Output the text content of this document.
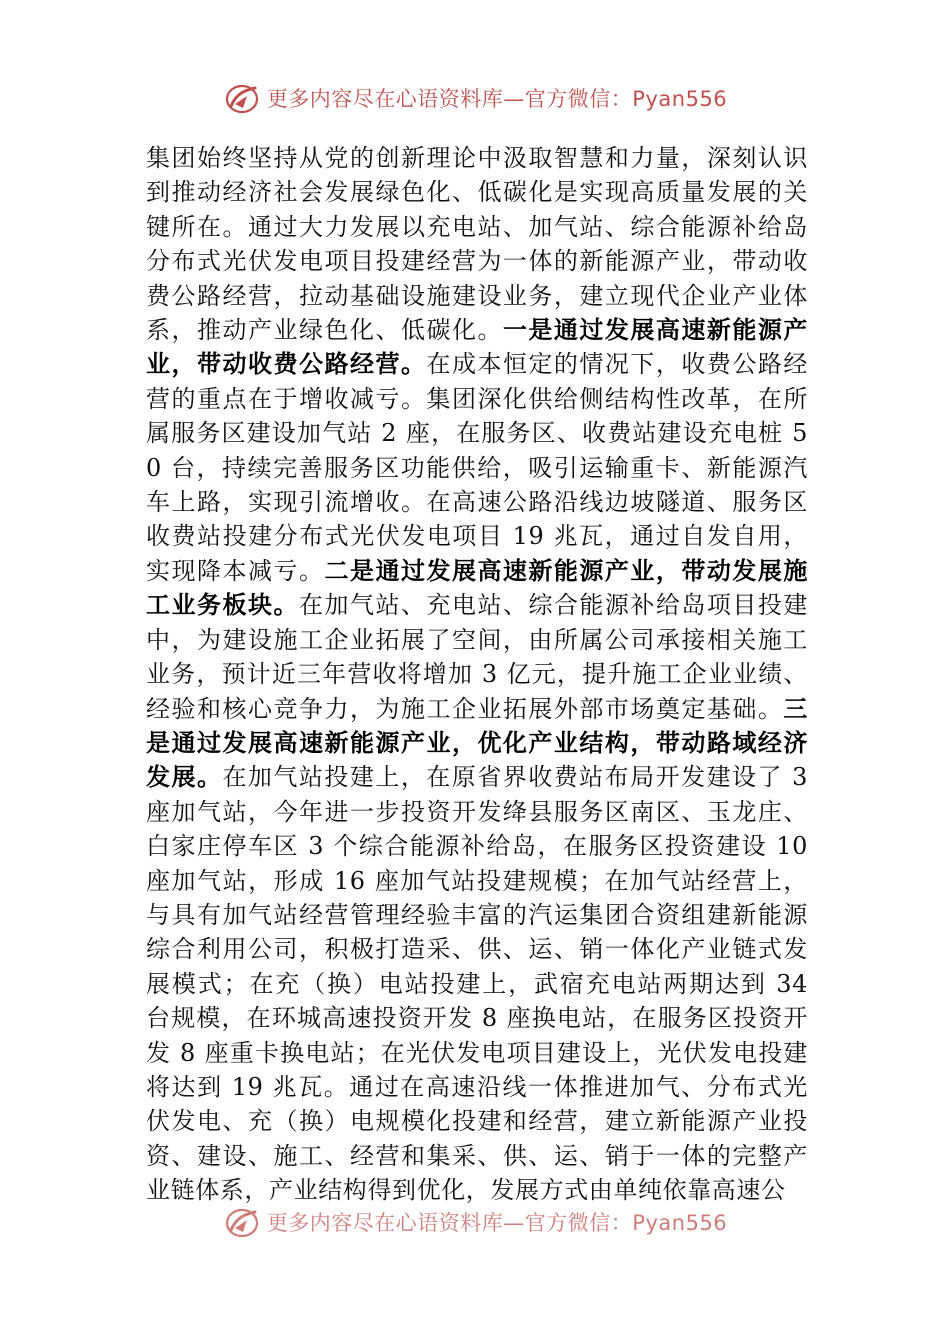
更多内容尽在心语资料库—官方微信：Pyan556

集团始终坚持从党的创新理论中汲取智慧和力量，深刻认识到推动经济社会发展绿色化、低碳化是实现高质量发展的关键所在。通过大力发展以充电站、加气站、综合能源补给岛分布式光伏发电项目投建经营为一体的新能源产业，带动收费公路经营，拉动基础设施建设业务，建立现代企业产业体系，推动产业绿色化、低碳化。一是通过发展高速新能源产业，带动收费公路经营。在成本恒定的情况下，收费公路经营的重点在于增收减亏。集团深化供给侧结构性改革，在所属服务区建设加气站 2 座，在服务区、收费站建设充电桩 50 台，持续完善服务区功能供给，吸引运输重卡、新能源汽车上路，实现引流增收。在高速公路沿线边坡隧道、服务区收费站投建分布式光伏发电项目 19 兆瓦，通过自发自用，实现降本减亏。二是通过发展高速新能源产业，带动发展施工业务板块。在加气站、充电站、综合能源补给岛项目投建中，为建设施工企业拓展了空间，由所属公司承接相关施工业务，预计近三年营收将增加 3 亿元，提升施工企业业绩、经验和核心竞争力，为施工企业拓展外部市场奠定基础。三是通过发展高速新能源产业，优化产业结构，带动路域经济发展。在加气站投建上，在原省界收费站布局开发建设了 3 座加气站，今年进一步投资开发绛县服务区南区、玉龙庄、白家庄停车区 3 个综合能源补给岛，在服务区投资建设 10 座加气站，形成 16 座加气站投建规模；在加气站经营上，与具有加气站经营管理经验丰富的汽运集团合资组建新能源综合利用公司，积极打造采、供、运、销一体化产业链式发展模式；在充（换）电站投建上，武宿充电站两期达到 34 台规模，在环城高速投资开发 8 座换电站，在服务区投资开发 8 座重卡换电站；在光伏发电项目建设上，光伏发电投建将达到 19 兆瓦。通过在高速沿线一体推进加气、分布式光伏发电、充（换）电规模化投建和经营，建立新能源产业投资、建设、施工、经营和集采、供、运、销于一体的完整产业链体系，产业结构得到优化，发展方式由单纯依靠高速公

更多内容尽在心语资料库—官方微信：Pyan556
